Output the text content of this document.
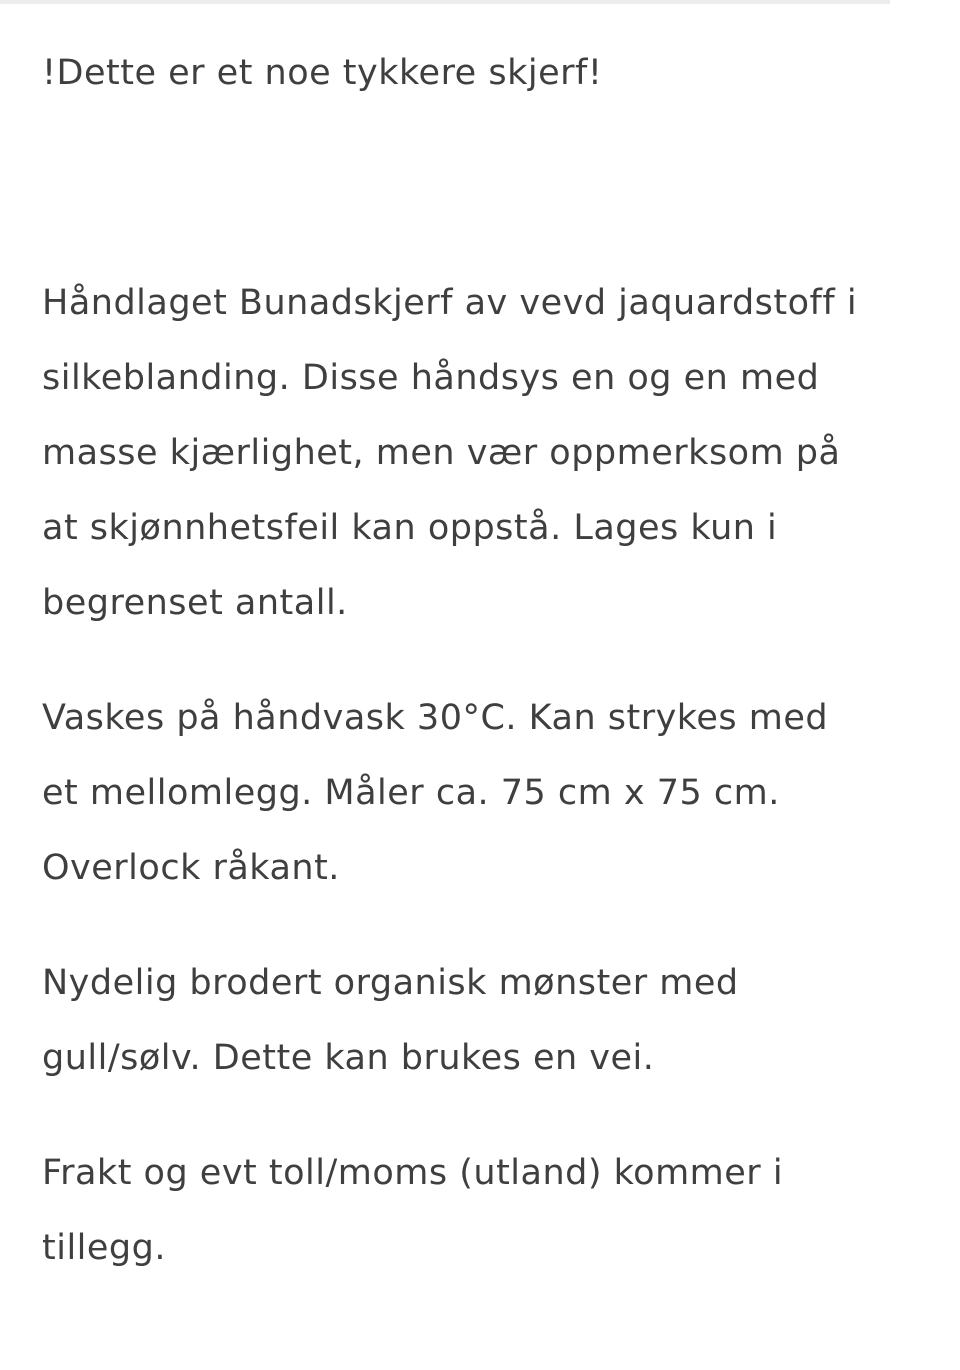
!Dette er et noe tykkere skjerf!

Håndlaget Bunadskjerf av vevd jaquardstoff i silkeblanding. Disse håndsys en og en med masse kjærlighet, men vær oppmerksom på at skjønnhetsfeil kan oppstå. Lages kun i begrenset antall.

Vaskes på håndvask 30°C. Kan strykes med et mellomlegg. Måler ca. 75 cm x 75 cm. Overlock råkant.

Nydelig brodert organisk mønster med gull/sølv. Dette kan brukes en vei.

Frakt og evt toll/moms (utland) kommer i tillegg.
